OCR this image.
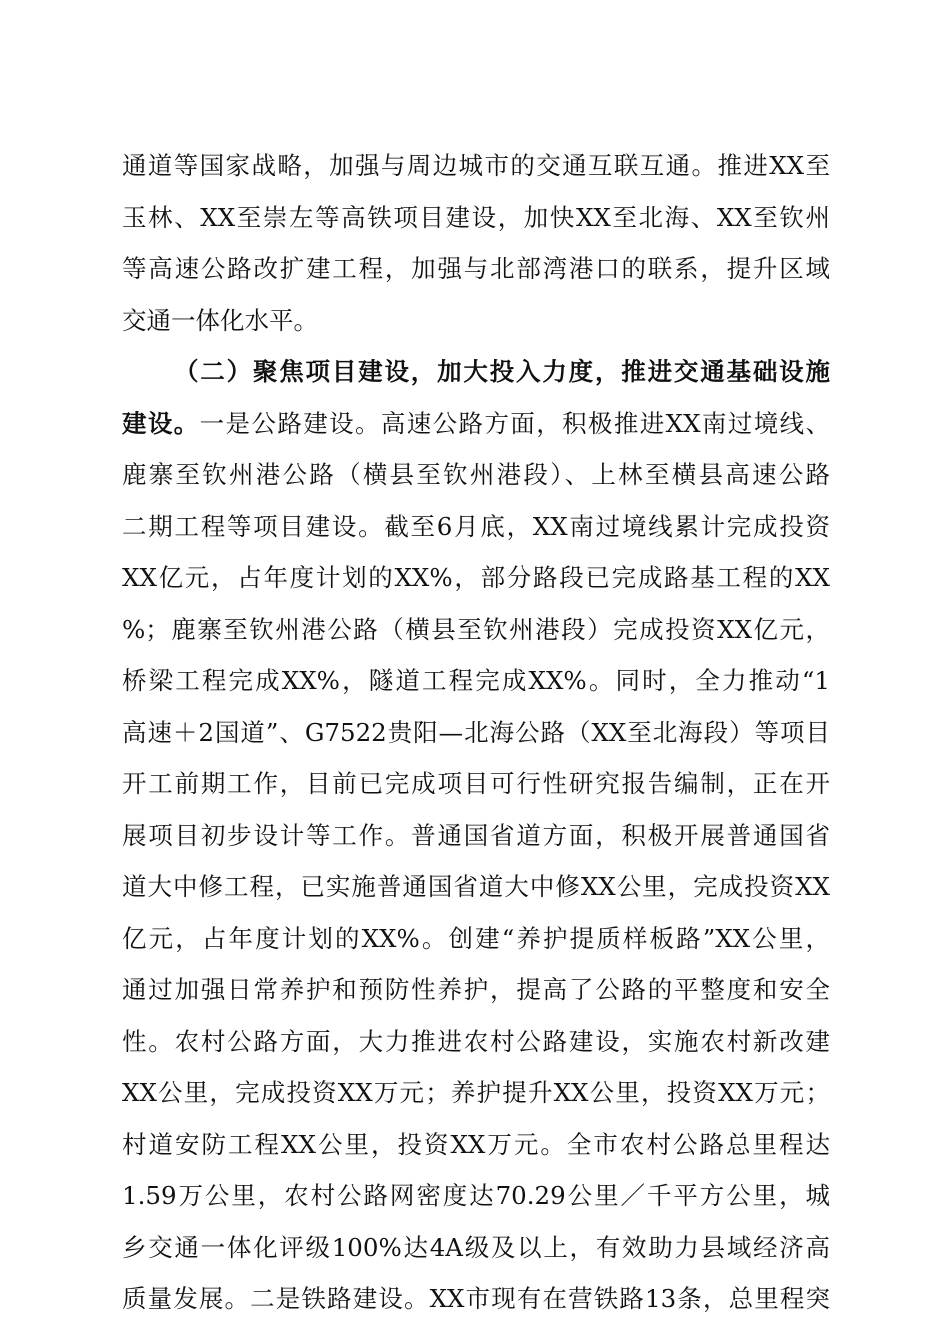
通道等国家战略，加强与周边城市的交通互联互通。推进XX至
玉林、XX至崇左等高铁项目建设，加快XX至北海、XX至钦州
等高速公路改扩建工程，加强与北部湾港口的联系，提升区域
交通一体化水平。
（二）聚焦项目建设，加大投入力度，推进交通基础设施
建设。一是公路建设。高速公路方面，积极推进XX南过境线、
鹿寨至钦州港公路（横县至钦州港段）、上林至横县高速公路
二期工程等项目建设。截至6月底，XX南过境线累计完成投资
XX亿元，占年度计划的XX%，部分路段已完成路基工程的XX
%；鹿寨至钦州港公路（横县至钦州港段）完成投资XX亿元，
桥梁工程完成XX%，隧道工程完成XX%。同时，全力推动“1
高速＋2国道”、G7522贵阳—北海公路（XX至北海段）等项目
开工前期工作，目前已完成项目可行性研究报告编制，正在开
展项目初步设计等工作。普通国省道方面，积极开展普通国省
道大中修工程，已实施普通国省道大中修XX公里，完成投资XX
亿元，占年度计划的XX%。创建“养护提质样板路”XX公里，
通过加强日常养护和预防性养护，提高了公路的平整度和安全
性。农村公路方面，大力推进农村公路建设，实施农村新改建
XX公里，完成投资XX万元；养护提升XX公里，投资XX万元；
村道安防工程XX公里，投资XX万元。全市农村公路总里程达
1.59万公里，农村公路网密度达70.29公里／千平方公里，城
乡交通一体化评级100%达4A级及以上，有效助力县域经济高
质量发展。二是铁路建设。XX市现有在营铁路13条，总里程突
